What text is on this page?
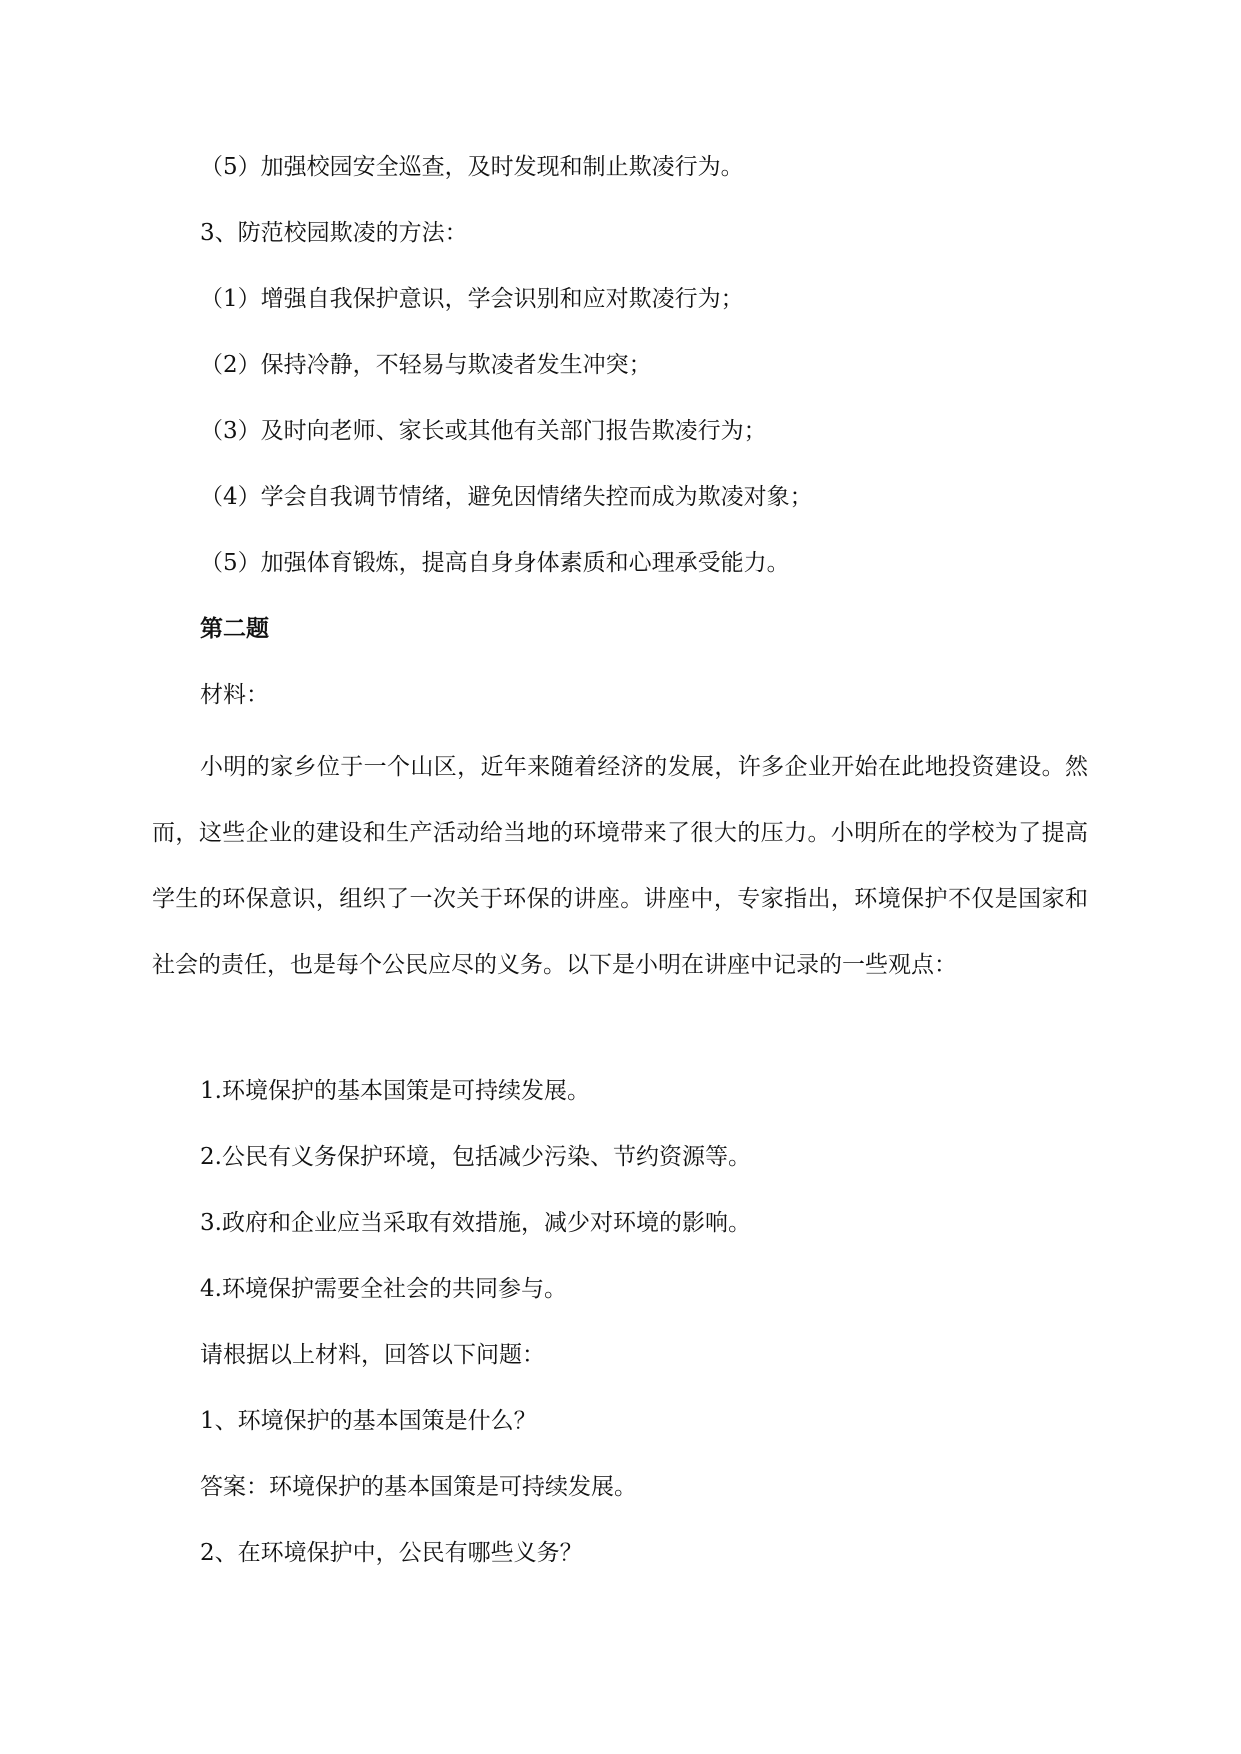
（5）加强校园安全巡查，及时发现和制止欺凌行为。

3、防范校园欺凌的方法：

（1）增强自我保护意识，学会识别和应对欺凌行为；

（2）保持冷静，不轻易与欺凌者发生冲突；

（3）及时向老师、家长或其他有关部门报告欺凌行为；

（4）学会自我调节情绪，避免因情绪失控而成为欺凌对象；

（5）加强体育锻炼，提高自身身体素质和心理承受能力。

第二题

材料：

小明的家乡位于一个山区，近年来随着经济的发展，许多企业开始在此地投资建设。然而，这些企业的建设和生产活动给当地的环境带来了很大的压力。小明所在的学校为了提高学生的环保意识，组织了一次关于环保的讲座。讲座中，专家指出，环境保护不仅是国家和社会的责任，也是每个公民应尽的义务。以下是小明在讲座中记录的一些观点：

1.环境保护的基本国策是可持续发展。

2.公民有义务保护环境，包括减少污染、节约资源等。

3.政府和企业应当采取有效措施，减少对环境的影响。

4.环境保护需要全社会的共同参与。

请根据以上材料，回答以下问题：

1、环境保护的基本国策是什么？

答案：环境保护的基本国策是可持续发展。

2、在环境保护中，公民有哪些义务？
